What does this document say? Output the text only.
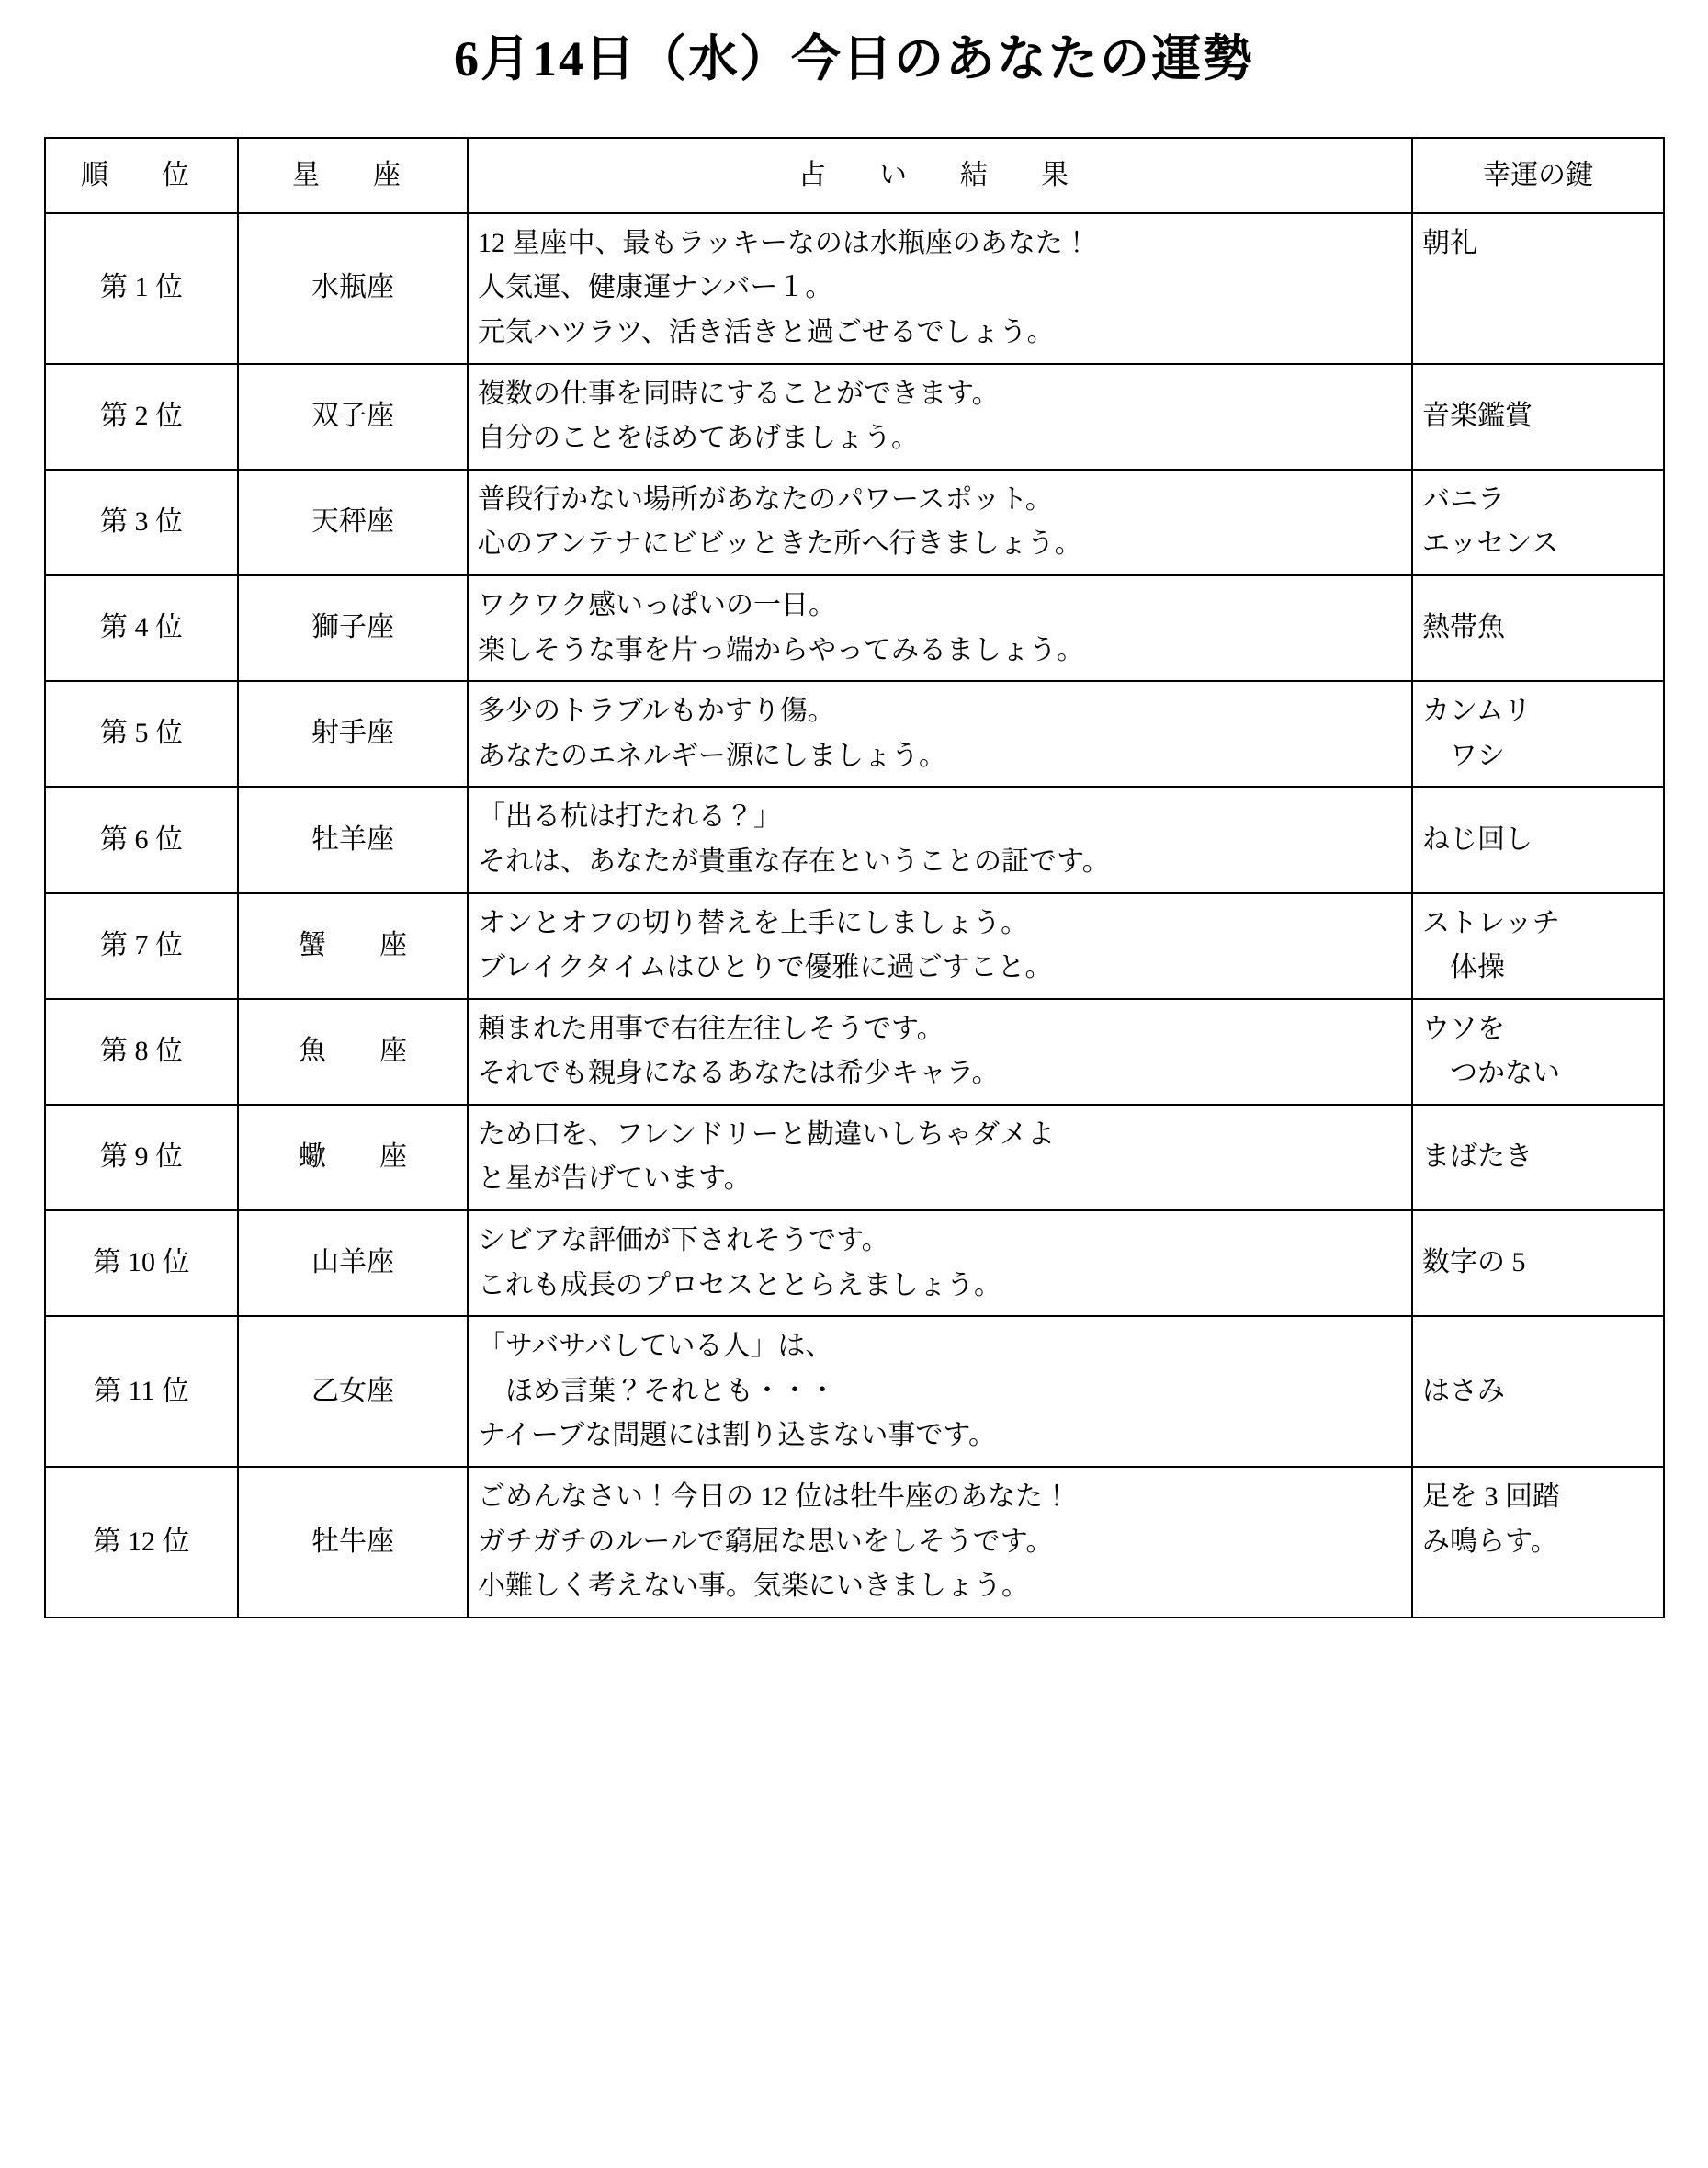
6月14日（水）今日のあなたの運勢
順　位	星　座	占　い　結　果	幸運の鍵
第 1 位	水瓶座	12 星座中、最もラッキーなのは水瓶座のあなた！
人気運、健康運ナンバー１。
元気ハツラツ、活き活きと過ごせるでしょう。	朝礼

第 2 位	双子座	複数の仕事を同時にすることができます。
自分のことをほめてあげましょう。	音楽鑑賞

第 3 位	天秤座	普段行かない場所があなたのパワースポット。
心のアンテナにビビッときた所へ行きましょう。	バニラ
エッセンス

第 4 位	獅子座	ワクワク感いっぱいの一日。
楽しそうな事を片っ端からやってみるましょう。	熱帯魚

第 5 位	射手座	多少のトラブルもかすり傷。
あなたのエネルギー源にしましょう。	カンムリ
　ワシ

第 6 位	牡羊座	「出る杭は打たれる？」
それは、あなたが貴重な存在ということの証です。	ねじ回し

第 7 位	蟹　座	オンとオフの切り替えを上手にしましょう。
ブレイクタイムはひとりで優雅に過ごすこと。	ストレッチ
　体操

第 8 位	魚　座	頼まれた用事で右往左往しそうです。
それでも親身になるあなたは希少キャラ。	ウソを
　つかない

第 9 位	蠍　座	ため口を、フレンドリーと勘違いしちゃダメよ
と星が告げています。	まばたき

第 10 位	山羊座	シビアな評価が下されそうです。
これも成長のプロセスととらえましょう。	数字の 5

第 11 位	乙女座	「サバサバしている人」は、
　ほめ言葉？それとも・・・
ナイーブな問題には割り込まない事です。	はさみ

第 12 位	牡牛座	ごめんなさい！今日の 12 位は牡牛座のあなた！
ガチガチのルールで窮屈な思いをしそうです。
小難しく考えない事。気楽にいきましょう。	足を 3 回踏
み鳴らす。
